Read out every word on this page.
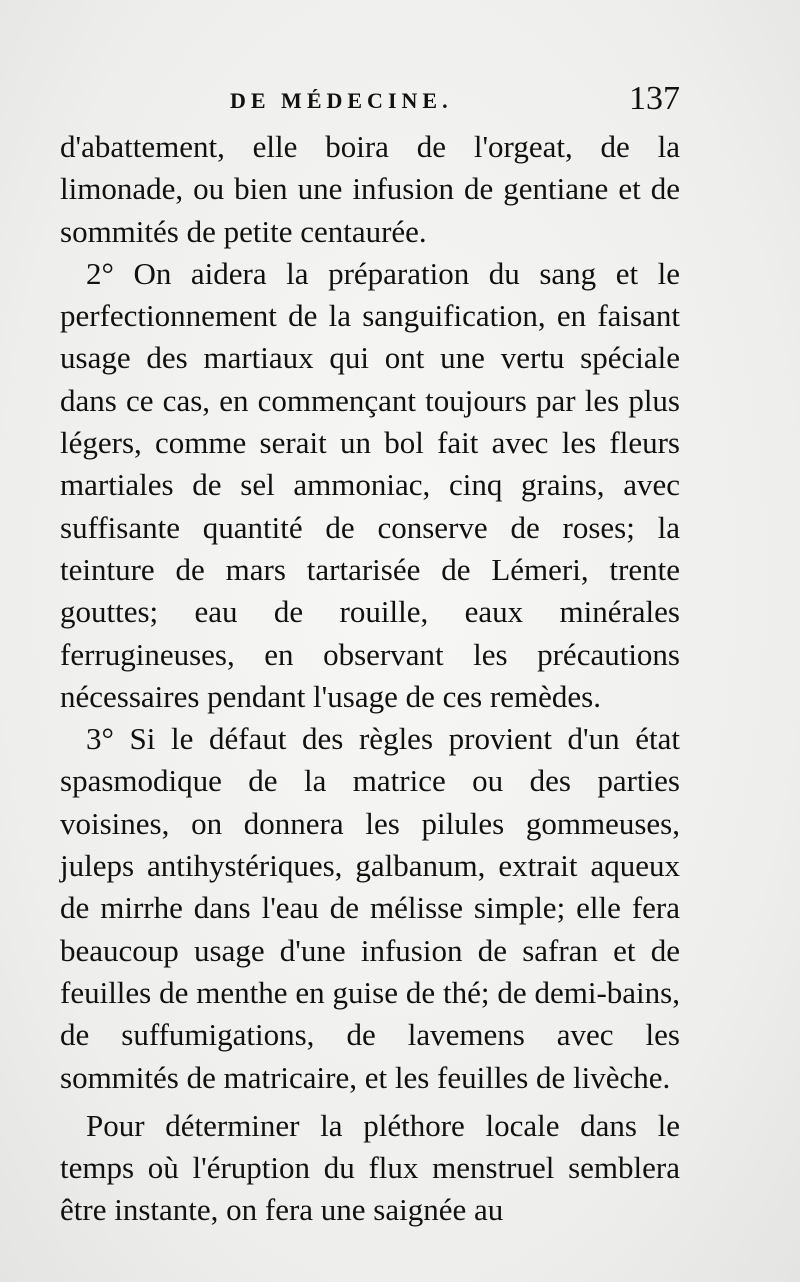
DE MÉDECINE.	137

d'abattement, elle boira de l'orgeat, de la limonade, ou bien une infusion de gentiane et de sommités de petite centaurée.

2° On aidera la préparation du sang et le perfectionnement de la sanguification, en faisant usage des martiaux qui ont une vertu spéciale dans ce cas, en commençant toujours par les plus légers, comme serait un bol fait avec les fleurs martiales de sel ammoniac, cinq grains, avec suffisante quantité de conserve de roses; la teinture de mars tartarisée de Lémeri, trente gouttes; eau de rouille, eaux minérales ferrugineuses, en observant les précautions nécessaires pendant l'usage de ces remèdes.

3° Si le défaut des règles provient d'un état spasmodique de la matrice ou des parties voisines, on donnera les pilules gommeuses, juleps antihystériques, galbanum, extrait aqueux de mirrhe dans l'eau de mélisse simple; elle fera beaucoup usage d'une infusion de safran et de feuilles de menthe en guise de thé; de demi-bains, de suffumigations, de lavemens avec les sommités de matricaire, et les feuilles de livèche.

Pour déterminer la pléthore locale dans le temps où l'éruption du flux menstruel semblera être instante, on fera une saignée au
